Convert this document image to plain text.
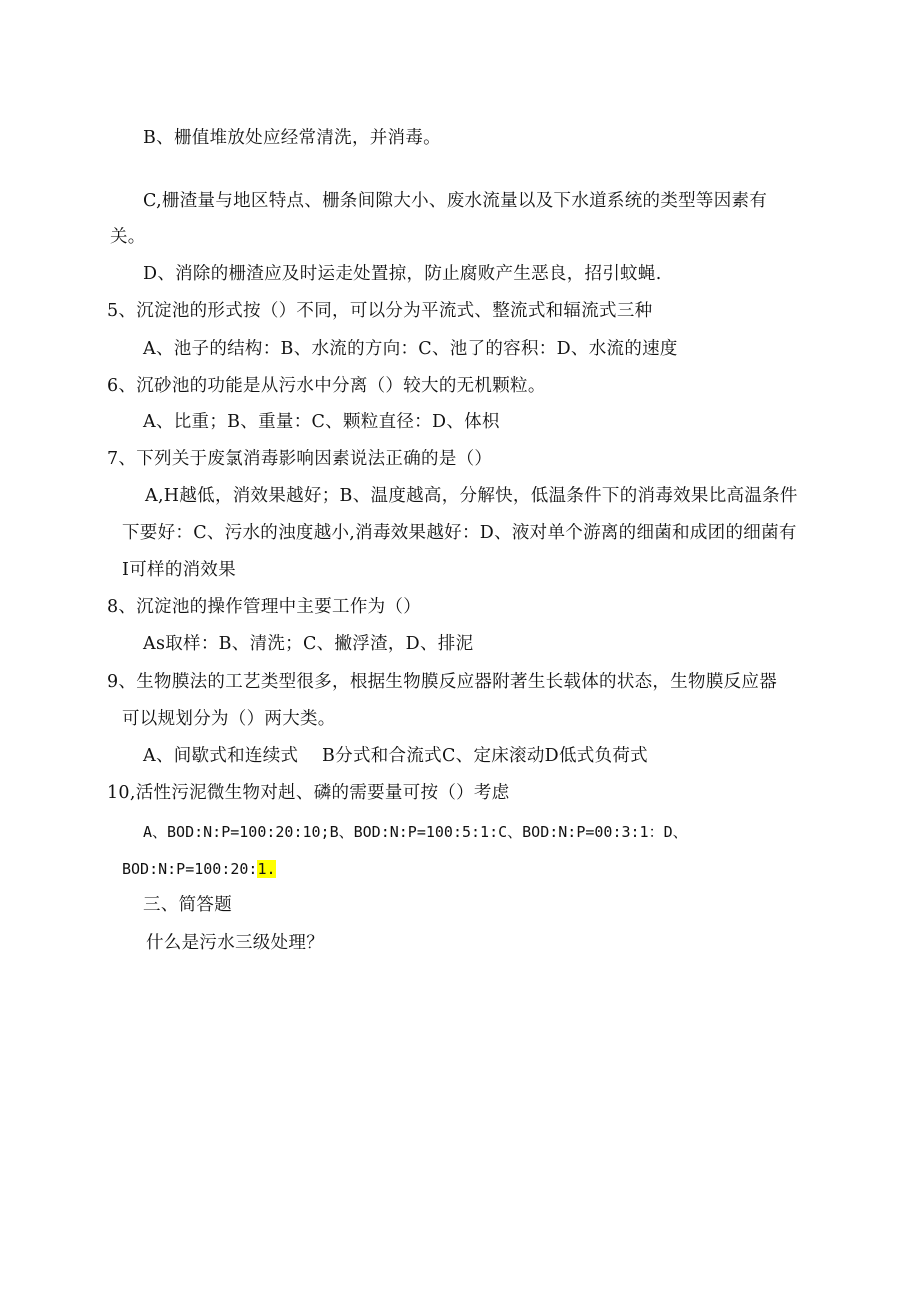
B、栅值堆放处应经常清洗，并消毒。
C,栅渣量与地区特点、栅条间隙大小、废水流量以及下水道系统的类型等因素有
关。
D、消除的栅渣应及时运走处置掠，防止腐败产生恶良，招引蚊蝇.
5、沉淀池的形式按（）不同，可以分为平流式、整流式和辐流式三种
A、池子的结构：B、水流的方向：C、池了的容积：D、水流的速度
6、沉砂池的功能是从污水中分离（）较大的无机颗粒。
A、比重；B、重量：C、颗粒直径：D、体枳
7、下列关于废氯消毒影响因素说法正确的是（）
A,H越低，消效果越好；B、温度越高，分解快，低温条件下的消毒效果比高温条件
下要好：C、污水的浊度越小,消毒效果越好：D、液对单个游离的细菌和成团的细菌有
I可样的消效果
8、沉淀池的操作管理中主要工作为（）
As取样：B、清洗；C、撇浮渣，D、排泥
9、生物膜法的工艺类型很多，根据生物膜反应器附著生长载体的状态，生物膜反应器
可以规划分为（）两大类。
A、间歇式和连续式　 B分式和合流式C、定床滚动D低式负荷式
10,活性污泥微生物对赳、磷的需要量可按（）考虑
A、BOD:N:P=100:20:10;B、BOD:N:P=100:5:1:C、BOD:N:P=00:3:1：D、
BOD:N:P=100:20:1.
三、简答题
什么是污水三级处理？
